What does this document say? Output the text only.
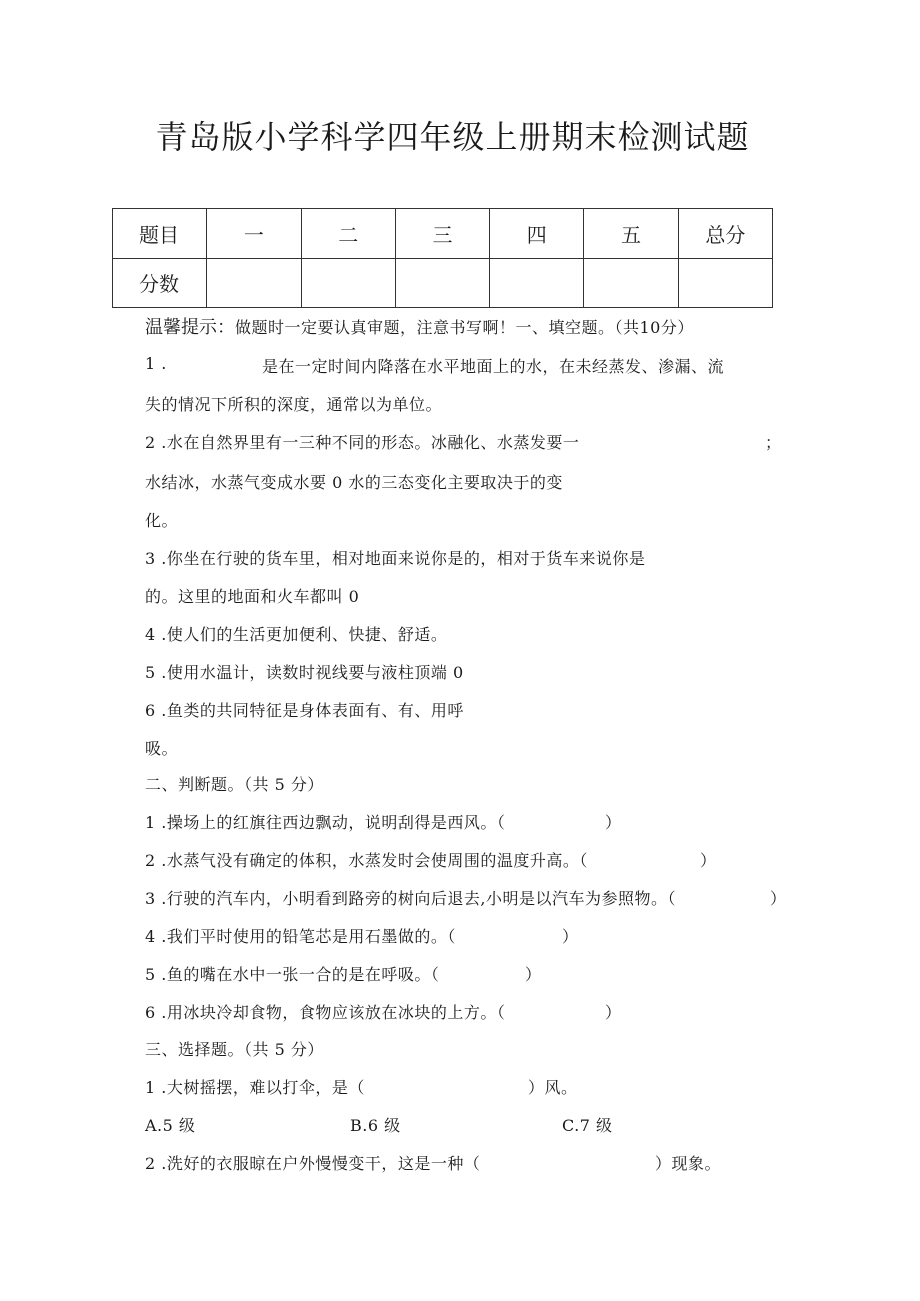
青岛版小学科学四年级上册期末检测试题
题目	一	二	三	四	五	总分
分数						
温馨提示：做题时一定要认真审题，注意书写啊！一、填空题。（共10分）
1 .	是在一定时间内降落在水平地面上的水，在未经蒸发、渗漏、流
失的情况下所积的深度，通常以为单位。
2 .水在自然界里有一三种不同的形态。冰融化、水蒸发要一	；
水结冰，水蒸气变成水要 0 水的三态变化主要取决于的变
化。
3 .你坐在行驶的货车里，相对地面来说你是的，相对于货车来说你是
的。这里的地面和火车都叫 0
4 .使人们的生活更加便利、快捷、舒适。
5 .使用水温计，读数时视线要与液柱顶端 0
6 .鱼类的共同特征是身体表面有、有、用呼
吸。
二、判断题。（共 5 分）
1 .操场上的红旗往西边飘动，说明刮得是西风。（	）
2 .水蒸气没有确定的体积，水蒸发时会使周围的温度升高。（	）
3 .行驶的汽车内，小明看到路旁的树向后退去,小明是以汽车为参照物。（	）
4 .我们平时使用的铅笔芯是用石墨做的。（	）
5 .鱼的嘴在水中一张一合的是在呼吸。（	）
6 .用冰块冷却食物，食物应该放在冰块的上方。（	）
三、选择题。（共 5 分）
1 .大树摇摆，难以打伞，是（	）风。
A.5 级	B.6 级	C.7 级
2 .洗好的衣服晾在户外慢慢变干，这是一种（	）现象。
